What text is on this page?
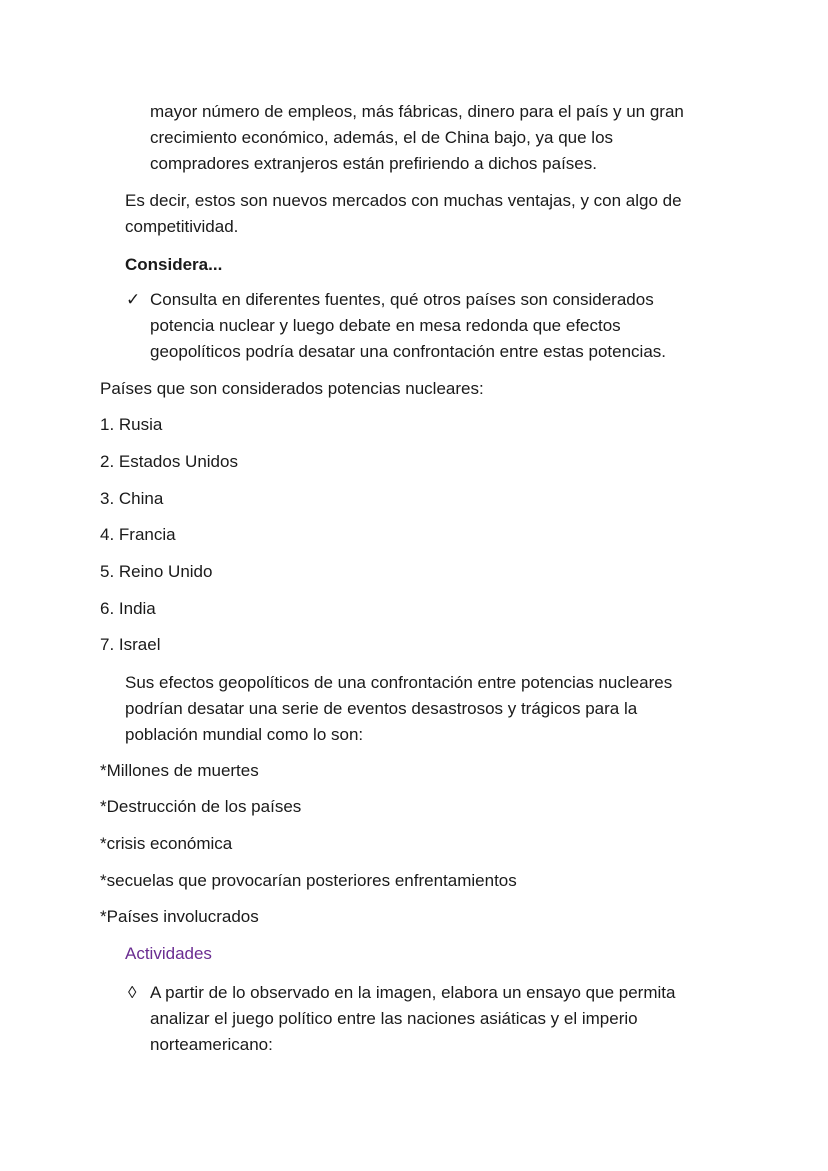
mayor número de empleos, más fábricas, dinero para el país y un gran

crecimiento económico, además, el de China bajo, ya que los

compradores extranjeros están prefiriendo a dichos países.

Es decir, estos son nuevos mercados con muchas ventajas, y con algo de

competitividad.

Considera...

✓ Consulta en diferentes fuentes, qué otros países son considerados

potencia nuclear y luego debate en mesa redonda que efectos

geopolíticos podría desatar una confrontación entre estas potencias.

Países que son considerados potencias nucleares:

1. Rusia

2. Estados Unidos

3. China

4. Francia

5. Reino Unido

6. India

7. Israel

Sus efectos geopolíticos de una confrontación entre potencias nucleares

podrían desatar una serie de eventos desastrosos y trágicos para la

población mundial como lo son:

*Millones de muertes

*Destrucción de los países

*crisis económica

*secuelas que provocarían posteriores enfrentamientos

*Países involucrados

Actividades

◊ A partir de lo observado en la imagen, elabora un ensayo que permita

analizar el juego político entre las naciones asiáticas y el imperio

norteamericano:
